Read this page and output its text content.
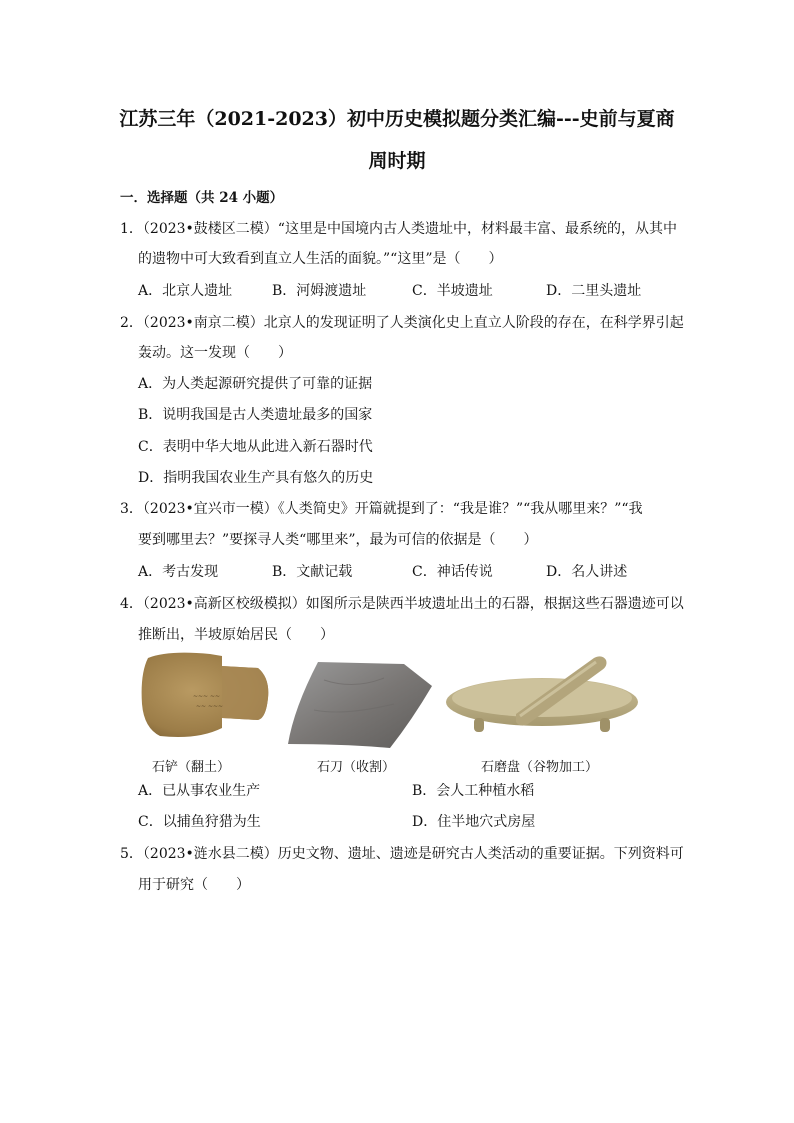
江苏三年（2021-2023）初中历史模拟题分类汇编---史前与夏商
周时期
一．选择题（共 24 小题）
1．（2023•鼓楼区二模）“这里是中国境内古人类遗址中，材料最丰富、最系统的，从其中
的遗物中可大致看到直立人生活的面貌。”“这里”是（　　）
A．北京人遗址	B．河姆渡遗址	C．半坡遗址	D．二里头遗址
2．（2023•南京二模）北京人的发现证明了人类演化史上直立人阶段的存在，在科学界引起
轰动。这一发现（　　）
A．为人类起源研究提供了可靠的证据
B．说明我国是古人类遗址最多的国家
C．表明中华大地从此进入新石器时代
D．指明我国农业生产具有悠久的历史
3．（2023•宜兴市一模）《人类简史》开篇就提到了：“我是谁？”“我从哪里来？”“我
要到哪里去？”要探寻人类“哪里来”，最为可信的依据是（　　）
A．考古发现	B．文献记载	C．神话传说	D．名人讲述
4．（2023•高新区校级模拟）如图所示是陕西半坡遗址出土的石器，根据这些石器遗迹可以
推断出，半坡原始居民（　　）
~~~ ~~
~~ ~~~
石铲（翻土）	石刀（收割）	石磨盘（谷物加工）
A．已从事农业生产	B．会人工种植水稻
C．以捕鱼狩猎为生	D．住半地穴式房屋
5．（2023•涟水县二模）历史文物、遗址、遗迹是研究古人类活动的重要证据。下列资料可
用于研究（　　）
